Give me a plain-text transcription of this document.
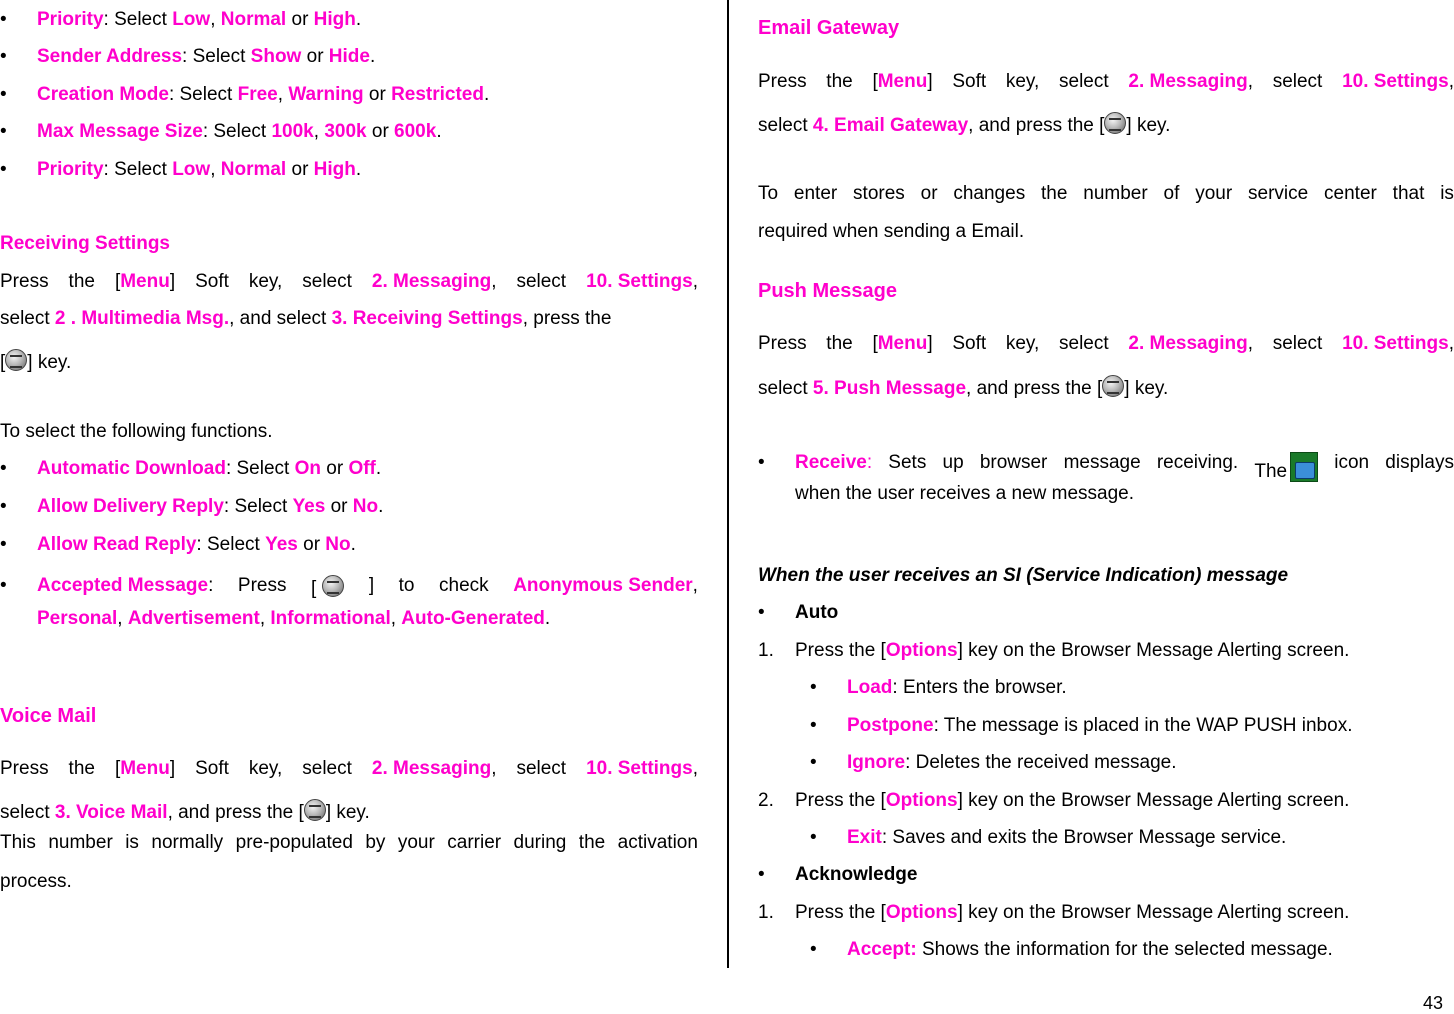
• Priority: Select Low, Normal or High.
• Sender Address: Select Show or Hide.
• Creation Mode: Select Free, Warning or Restricted.
• Max Message Size: Select 100k, 300k or 600k.
• Priority: Select Low, Normal or High.
Receiving Settings
Press the [Menu] Soft key, select 2. Messaging, select 10. Settings,
select 2 . Multimedia Msg., and select 3. Receiving Settings, press the
[ ] key.
To select the following functions.
• Automatic Download: Select On or Off.
• Allow Delivery Reply: Select Yes or No.
• Allow Read Reply: Select Yes or No.
• Accepted Message: Press [	] to check Anonymous Sender,
Personal, Advertisement, Informational, Auto-Generated.
Voice Mail
Press the [Menu] Soft key, select 2. Messaging, select 10. Settings,
select 3. Voice Mail, and press the [ ] key.
This number is normally pre-populated by your carrier during the activation
process.
Email Gateway
Press the [Menu] Soft key, select 2. Messaging, select 10. Settings,
select 4. Email Gateway, and press the [ ] key.
To enter stores or changes the number of your service center that is
required when sending a Email.
Push Message
Press the [Menu] Soft key, select 2. Messaging, select 10. Settings,
select 5. Push Message, and press the [ ] key.
• Receive: Sets up browser message receiving. The	icon displays
when the user receives a new message.
When the user receives an SI (Service Indication) message
• Auto
1. Press the [Options] key on the Browser Message Alerting screen.
• Load: Enters the browser.
• Postpone: The message is placed in the WAP PUSH inbox.
• Ignore: Deletes the received message.
2. Press the [Options] key on the Browser Message Alerting screen.
• Exit: Saves and exits the Browser Message service.
• Acknowledge
1. Press the [Options] key on the Browser Message Alerting screen.
• Accept: Shows the information for the selected message.
43
